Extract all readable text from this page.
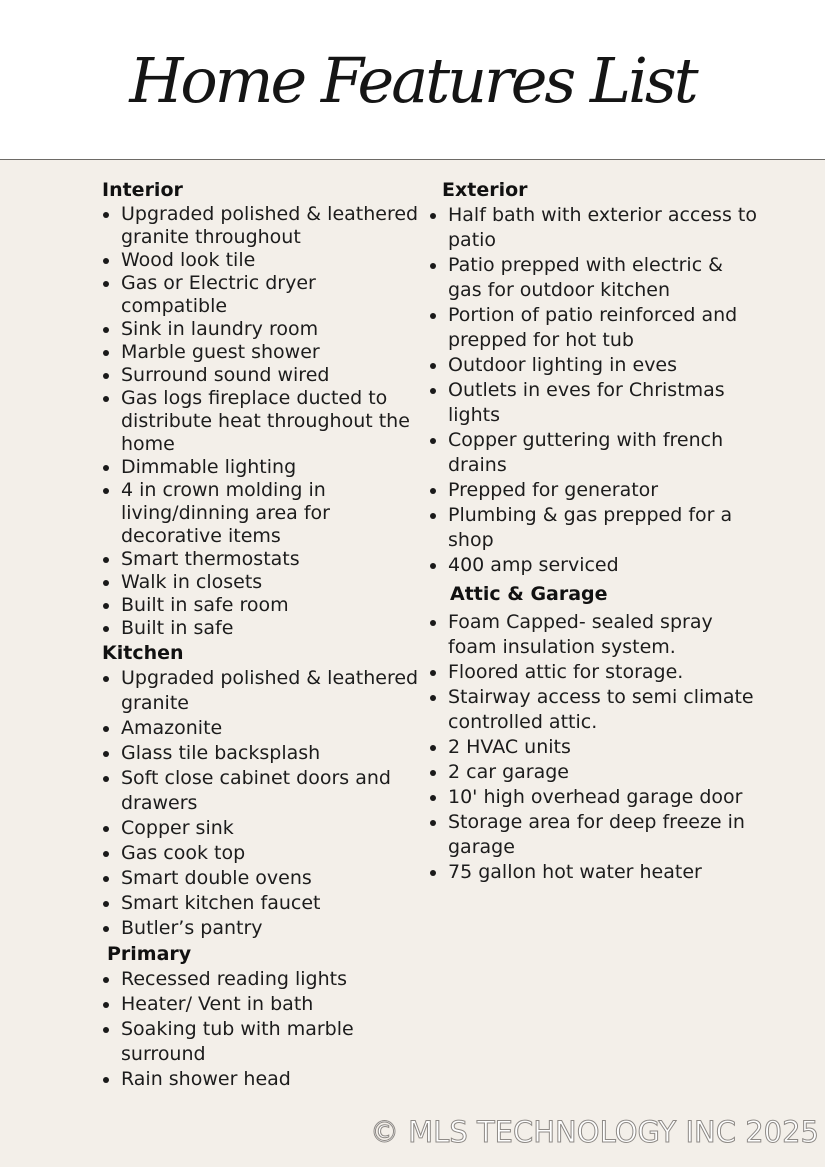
Home Features List
Interior
Upgraded polished & leathered granite throughout
Wood look tile
Gas or Electric dryer compatible
Sink in laundry room
Marble guest shower
Surround sound wired
Gas logs fireplace ducted to distribute heat throughout the home
Dimmable lighting
4 in crown molding in living/dinning area for decorative items
Smart thermostats
Walk in closets
Built in safe room
Built in safe
Kitchen
Upgraded polished & leathered granite
Amazonite
Glass tile backsplash
Soft close cabinet doors and drawers
Copper sink
Gas cook top
Smart double ovens
Smart kitchen faucet
Butler’s pantry
Primary
Recessed reading lights
Heater/ Vent in bath
Soaking tub with marble surround
Rain shower head
Exterior
Half bath with exterior access to patio
Patio prepped with electric & gas for outdoor kitchen
Portion of patio reinforced and prepped for hot tub
Outdoor lighting in eves
Outlets in eves for Christmas lights
Copper guttering with french drains
Prepped for generator
Plumbing & gas prepped for a shop
400 amp serviced
Attic & Garage
Foam Capped- sealed spray foam insulation system.
Floored attic for storage.
Stairway access to semi climate controlled attic.
2 HVAC units
2 car garage
10' high overhead garage door
Storage area for deep freeze in garage
75 gallon hot water heater
© MLS TECHNOLOGY INC 2025
